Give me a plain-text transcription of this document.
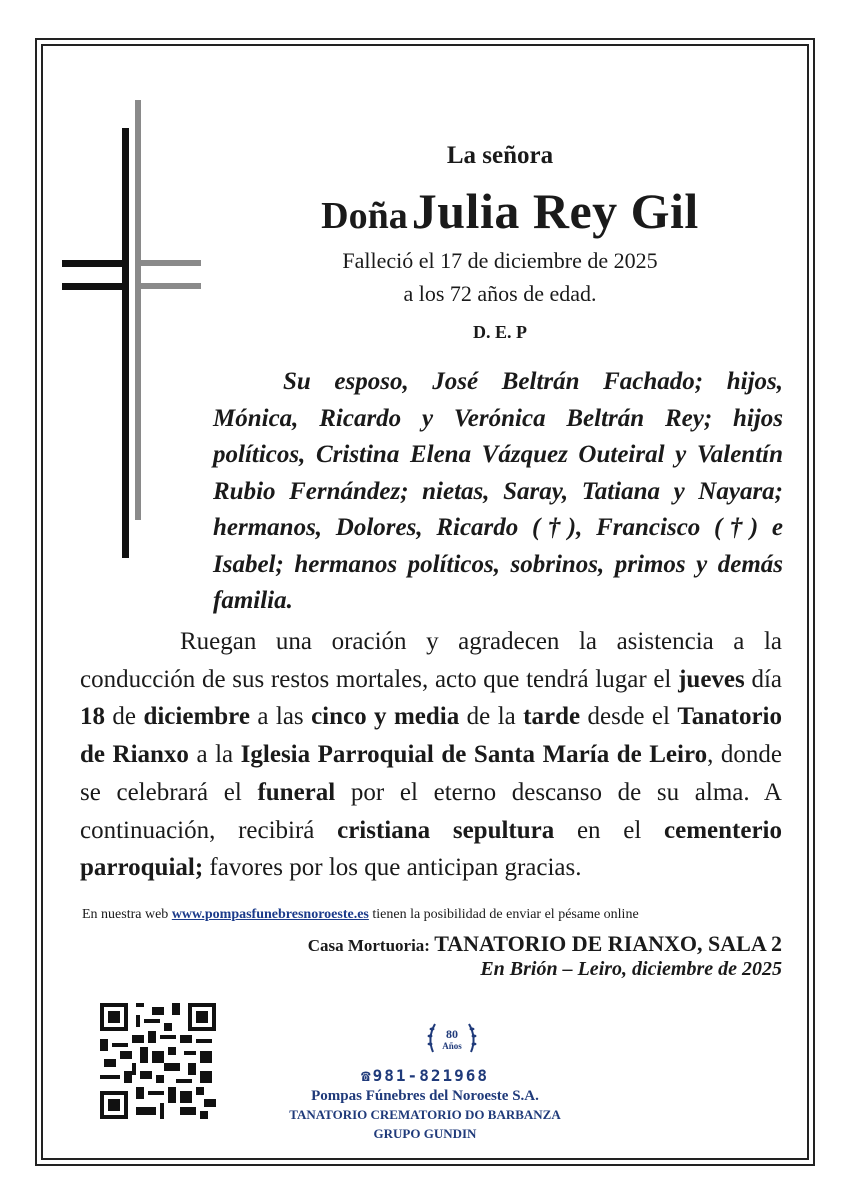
La señora
Doña Julia Rey Gil
Falleció el 17 de diciembre de 2025
a los 72 años de edad.
D. E. P
Su esposo, José Beltrán Fachado; hijos, Mónica, Ricardo y Verónica Beltrán Rey; hijos políticos, Cristina Elena Vázquez Outeiral y Valentín Rubio Fernández; nietas, Saray, Tatiana y Nayara; hermanos, Dolores, Ricardo (†), Francisco (†) e Isabel; hermanos políticos, sobrinos, primos y demás familia.
Ruegan una oración y agradecen la asistencia a la conducción de sus restos mortales, acto que tendrá lugar el jueves día 18 de diciembre a las cinco y media de la tarde desde el Tanatorio de Rianxo a la Iglesia Parroquial de Santa María de Leiro, donde se celebrará el funeral por el eterno descanso de su alma. A continuación, recibirá cristiana sepultura en el cementerio parroquial; favores por los que anticipan gracias.
En nuestra web www.pompasfunebresnoroeste.es tienen la posibilidad de enviar el pésame online
Casa Mortuoria: TANATORIO DE RIANXO, SALA 2
En Brión – Leiro, diciembre de 2025
80
Años
☎981-821968
Pompas Fúnebres del Noroeste S.A.
TANATORIO CREMATORIO DO BARBANZA
GRUPO GUNDIN
